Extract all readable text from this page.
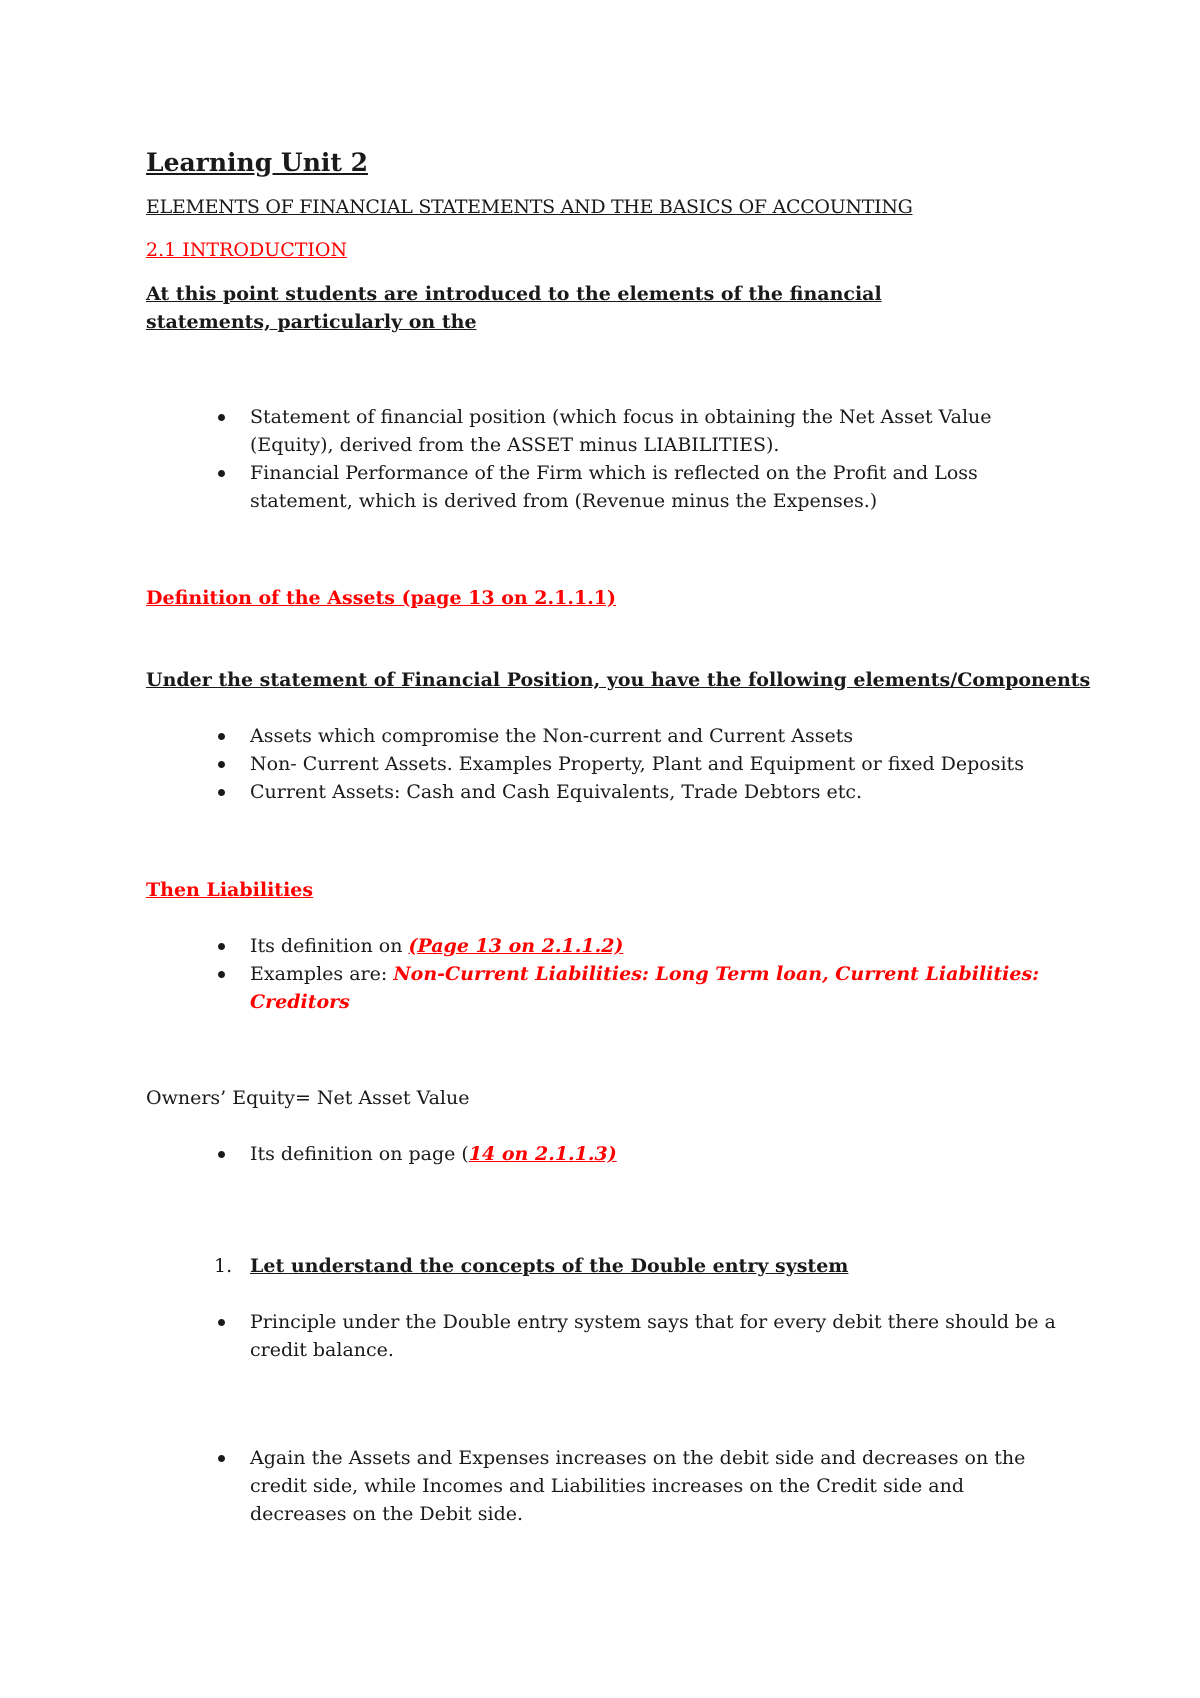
Learning Unit 2
ELEMENTS OF FINANCIAL STATEMENTS AND THE BASICS OF ACCOUNTING
2.1 INTRODUCTION
At this point students are introduced to the elements of the financial statements, particularly on the
Statement of financial position (which focus in obtaining the Net Asset Value (Equity), derived from the ASSET minus LIABILITIES).
Financial Performance of the Firm which is reflected on the Profit and Loss statement, which is derived from (Revenue minus the Expenses.)
Definition of the Assets (page 13 on 2.1.1.1)
Under the statement of Financial Position, you have the following elements/Components
Assets which compromise the Non-current and Current Assets
Non- Current Assets. Examples Property, Plant and Equipment or fixed Deposits
Current Assets: Cash and Cash Equivalents, Trade Debtors etc.
Then Liabilities
Its definition on (Page 13 on 2.1.1.2)
Examples are: Non-Current Liabilities: Long Term loan, Current Liabilities: Creditors
Owners’ Equity= Net Asset Value
Its definition on page (14 on 2.1.1.3)
1. Let understand the concepts of the Double entry system
Principle under the Double entry system says that for every debit there should be a credit balance.
Again the Assets and Expenses increases on the debit side and decreases on the credit side, while Incomes and Liabilities increases on the Credit side and decreases on the Debit side.
